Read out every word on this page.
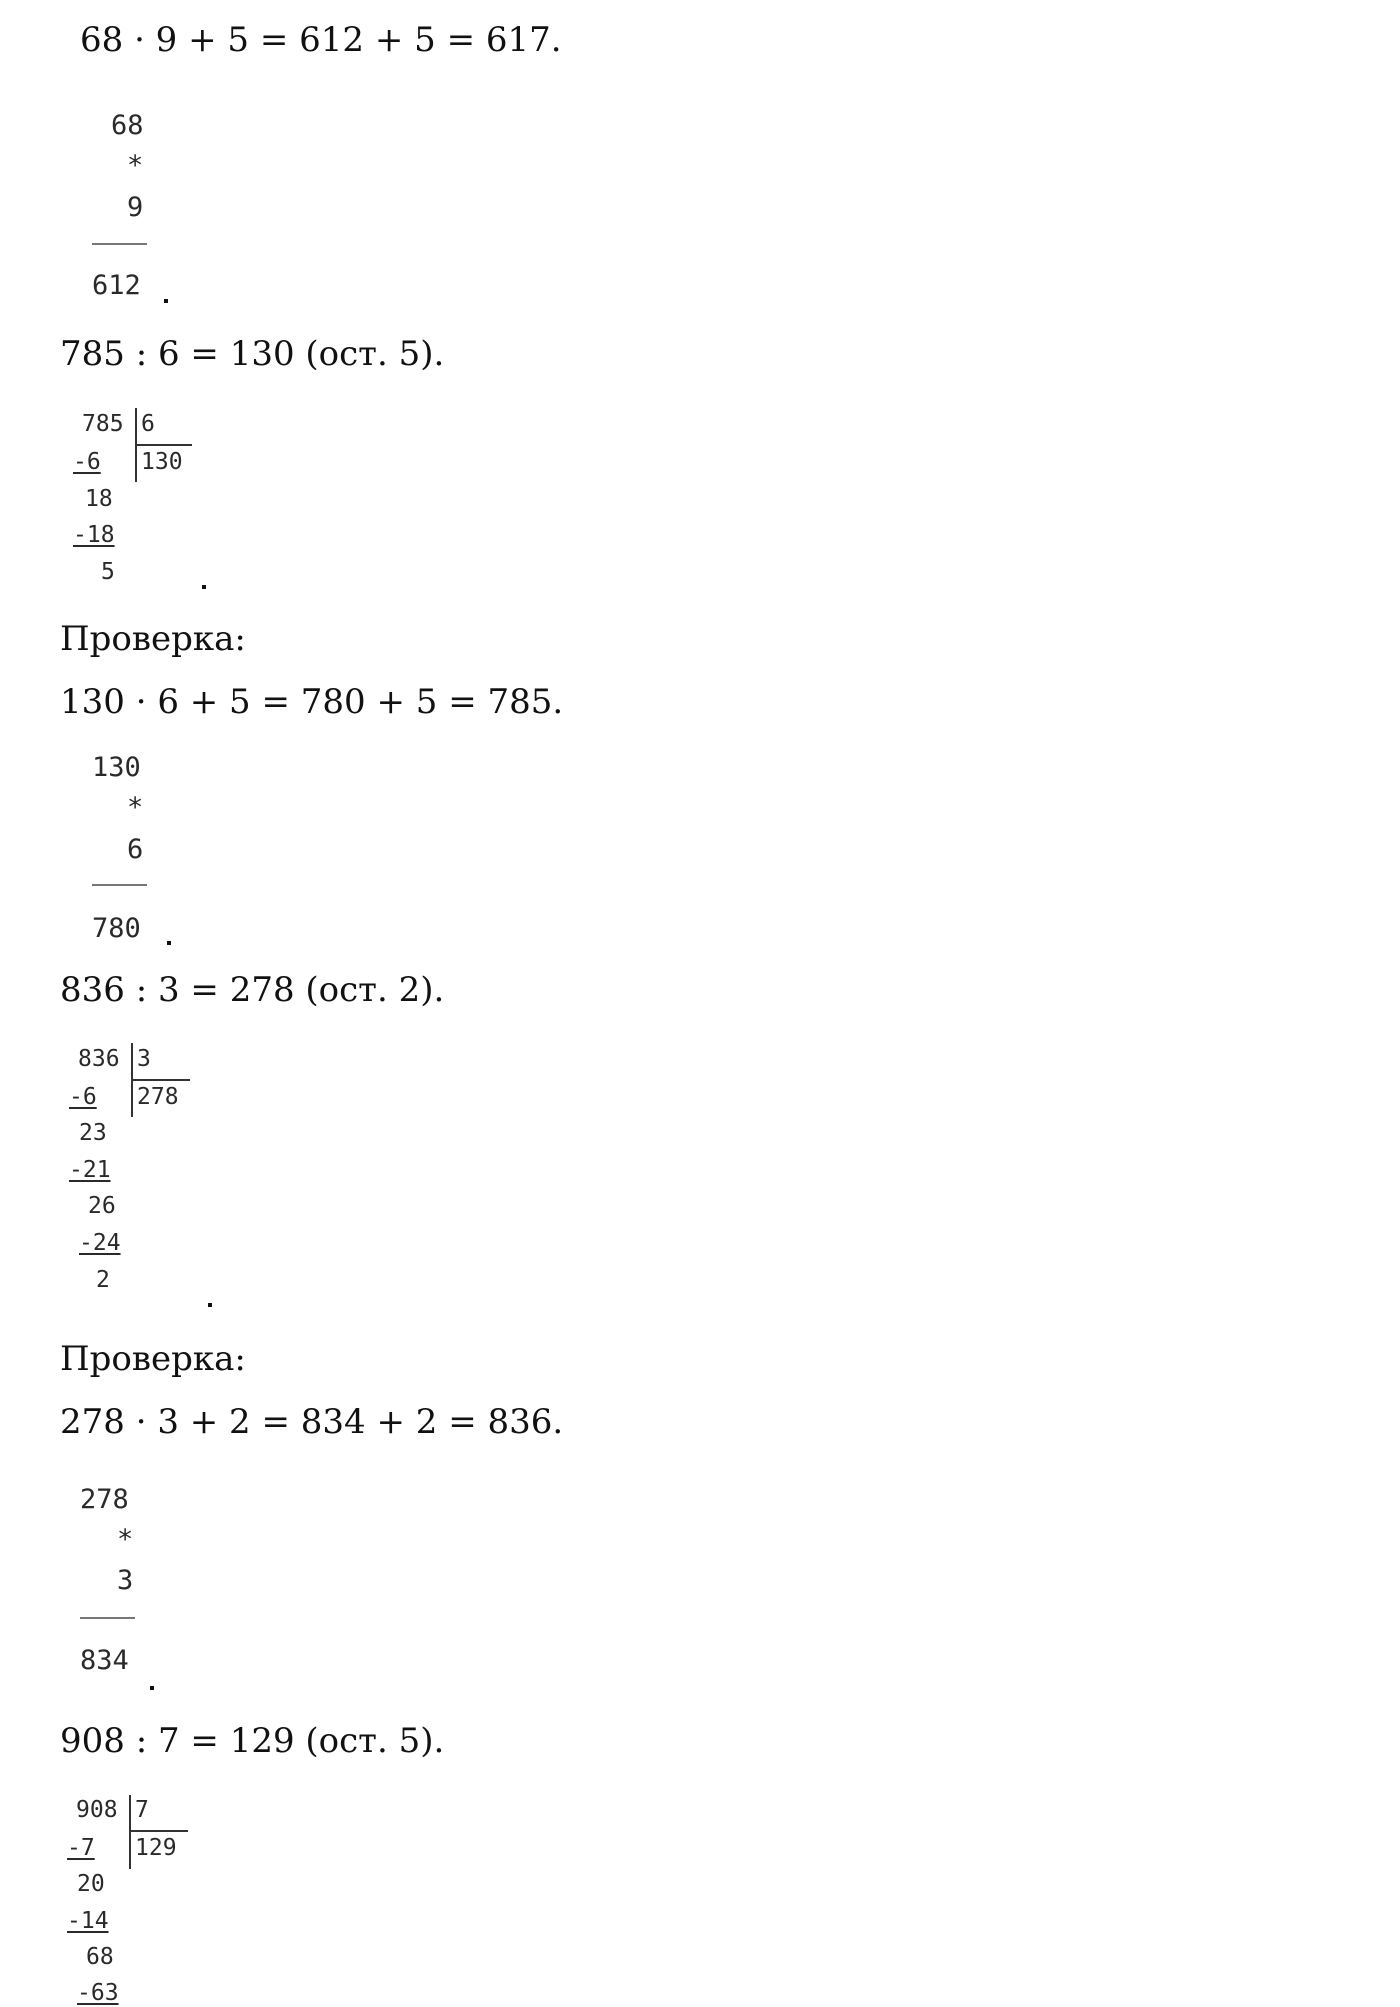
68 · 9 + 5 = 612 + 5 = 617.
68
*
9
612
785 : 6 = 130 (ост. 5).
785 6
130
-6
18
-18
5
Проверка:
130 · 6 + 5 = 780 + 5 = 785.
130
*
6
780
836 : 3 = 278 (ост. 2).
836 3
278
-6
23
-21
26
-24
2
Проверка:
278 · 3 + 2 = 834 + 2 = 836.
278
*
3
834
908 : 7 = 129 (ост. 5).
908 7
129
-7
20
-14
68
-63
